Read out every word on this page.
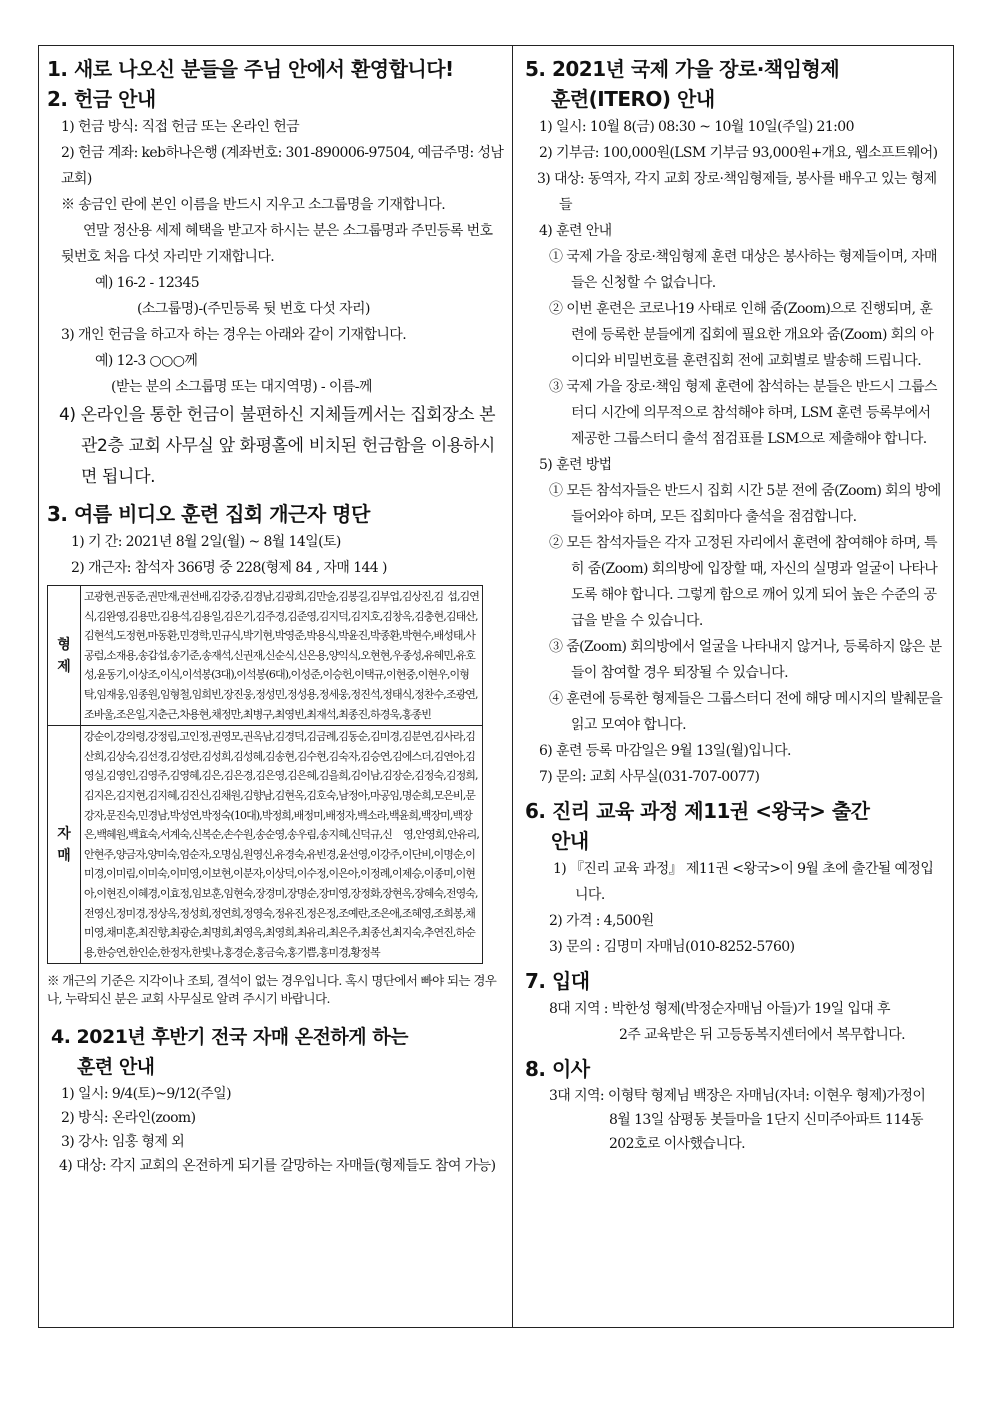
1. 새로 나오신 분들을 주님 안에서 환영합니다!

2. 헌금 안내

1) 헌금 방식: 직접 헌금 또는 온라인 헌금

2) 헌금 계좌: keb하나은행 (계좌번호: 301-890006-97504, 예금주명: 성남교회)

※ 송금인 란에 본인 이름을 반드시 지우고 소그룹명을 기재합니다.

연말 정산용 세제 혜택을 받고자 하시는 분은 소그룹명과 주민등록 번호 뒷번호 처음 다섯 자리만 기재합니다.

예) 16-2 - 12345

(소그룹명)-(주민등록 뒷 번호 다섯 자리)

3) 개인 헌금을 하고자 하는 경우는 아래와 같이 기재합니다.

예) 12-3 ○○○께

(받는 분의 소그룹명 또는 대지역명) - 이름-께

4) 온라인을 통한 헌금이 불편하신 지체들께서는 집회장소 본관2층 교회 사무실 앞 화평홀에 비치된 헌금함을 이용하시면 됩니다.

3. 여름 비디오 훈련 집회 개근자 명단

1) 기 간: 2021년 8월 2일(월) ~ 8월 14일(토)

2) 개근자: 참석자 366명 중 228(형제 84 , 자매 144 )

형
제	고광현,권동준,권만재,권선배,김강중,김경남,김광희,김만술,김봉길,김부업,김상진,김 섭,김연식,김완영,김용만,김용석,김용일,김은기,김주경,김준영,김지덕,김지호,김창옥,김충현,김태산,김현석,도정현,마동환,민경학,민규식,박기현,박영준,박용식,박윤진,박종환,박현수,배성태,사공럼,소재용,송갑섭,송기준,송재석,신권재,신순식,신은용,양익식,오현현,우종성,유혜민,유호성,윤동기,이상조,이식,이석봉(3대),이석봉(6대),이성준,이승헌,이택규,이현중,이현우,이형탁,임재웅,임종원,임형철,임희빈,장진웅,정성민,정성용,정세웅,정진석,정태식,정찬수,조광연,조바울,조은일,지춘근,차용현,채정만,최병구,최영빈,최재석,최종진,하경욱,홍종빈
자
매	강순이,강의령,강정림,고인정,권영모,권옥남,김경덕,김금례,김동순,김미경,김분연,김사라,김산희,김상숙,김선경,김성란,김성희,김성혜,김송현,김수현,김숙자,김승연,김에스더,김연아,김영실,김영인,김영주,김영혜,김은,김은경,김은영,김은혜,김을희,김이남,김장순,김정숙,김정희,김지은,김지현,김지혜,김진신,김채원,김향남,김현옥,김호숙,남정아,마공임,명순희,모은비,문강자,문진숙,민경남,박성연,박정숙(10대),박정희,배정미,배정자,백소라,백윤희,백장미,백장은,백혜원,백효숙,서계숙,신복순,손수원,송순영,송우림,송지혜,신덕규,신 영,안영희,안유리,안현주,양금자,양미숙,엄순자,오명심,원영신,유경숙,유빈경,윤선영,이강주,이단비,이명순,이미경,이미림,이미숙,이미영,이보현,이분자,이상덕,이수정,이은아,이정례,이제승,이종미,이현아,이현진,이혜경,이효정,임보훈,임현숙,장경미,장명순,장미영,장정화,장현옥,장혜숙,전영숙,전영신,정미경,정상옥,정성희,정연희,정영숙,정유진,정은정,조예란,조은애,조혜영,조희봉,채미영,채미훈,최진향,최광순,최명희,최영옥,최영희,최유리,최은주,최종선,최지숙,추연진,하순용,한승연,한인순,한정자,한빛나,홍경순,홍금숙,홍기쁨,홍미경,황정복

※ 개근의 기준은 지각이나 조퇴, 결석이 없는 경우입니다. 혹시 명단에서 빠야 되는 경우나, 누락되신 분은 교회 사무실로 알려 주시기 바랍니다.

4. 2021년 후반기 전국 자매 온전하게 하는

훈련 안내

1) 일시: 9/4(토)~9/12(주일)

2) 방식: 온라인(zoom)

3) 강사: 임홍 형제 외

4) 대상: 각지 교회의 온전하게 되기를 갈망하는 자매들(형제들도 참여 가능)

5. 2021년 국제 가을 장로·책임형제

훈련(ITERO) 안내

1) 일시: 10월 8(금) 08:30 ~ 10월 10일(주일) 21:00

2) 기부금: 100,000원(LSM 기부금 93,000원+개요, 웹소프트웨어)

3) 대상: 동역자, 각지 교회 장로·책임형제들, 봉사를 배우고 있는 형제들

4) 훈련 안내

① 국제 가을 장로·책임형제 훈련 대상은 봉사하는 형제들이며, 자매들은 신청할 수 없습니다.

② 이번 훈련은 코로나19 사태로 인해 줌(Zoom)으로 진행되며, 훈련에 등록한 분들에게 집회에 필요한 개요와 줌(Zoom) 회의 아이디와 비밀번호를 훈련집회 전에 교회별로 발송해 드립니다.

③ 국제 가을 장로·책임 형제 훈련에 참석하는 분들은 반드시 그룹스터디 시간에 의무적으로 참석해야 하며, LSM 훈련 등록부에서 제공한 그룹스터디 출석 점검표를 LSM으로 제출해야 합니다.

5) 훈련 방법

① 모든 참석자들은 반드시 집회 시간 5분 전에 줌(Zoom) 회의 방에 들어와야 하며, 모든 집회마다 출석을 점검합니다.

② 모든 참석자들은 각자 고정된 자리에서 훈련에 참여해야 하며, 특히 줌(Zoom) 회의방에 입장할 때, 자신의 실명과 얼굴이 나타나도록 해야 합니다. 그렇게 함으로 깨어 있게 되어 높은 수준의 공급을 받을 수 있습니다.

③ 줌(Zoom) 회의방에서 얼굴을 나타내지 않거나, 등록하지 않은 분들이 참여할 경우 퇴장될 수 있습니다.

④ 훈련에 등록한 형제들은 그룹스터디 전에 해당 메시지의 발췌문을 읽고 모여야 합니다.

6) 훈련 등록 마감일은 9월 13일(월)입니다.

7) 문의: 교회 사무실(031-707-0077)

6. 진리 교육 과정 제11권 <왕국> 출간

안내

1) 『진리 교육 과정』 제11권 <왕국>이 9월 초에 출간될 예정입니다.

2) 가격 : 4,500원

3) 문의 : 김명미 자매님(010-8252-5760)

7. 입대

8대 지역 : 박한성 형제(박정순자매님 아들)가 19일 입대 후

2주 교육받은 뒤 고등동복지센터에서 복무합니다.

8. 이사

3대 지역: 이형탁 형제님 백장은 자매님(자녀: 이현우 형제)가정이

8월 13일 삼평동 봇들마을 1단지 신미주아파트 114동

202호로 이사했습니다.
